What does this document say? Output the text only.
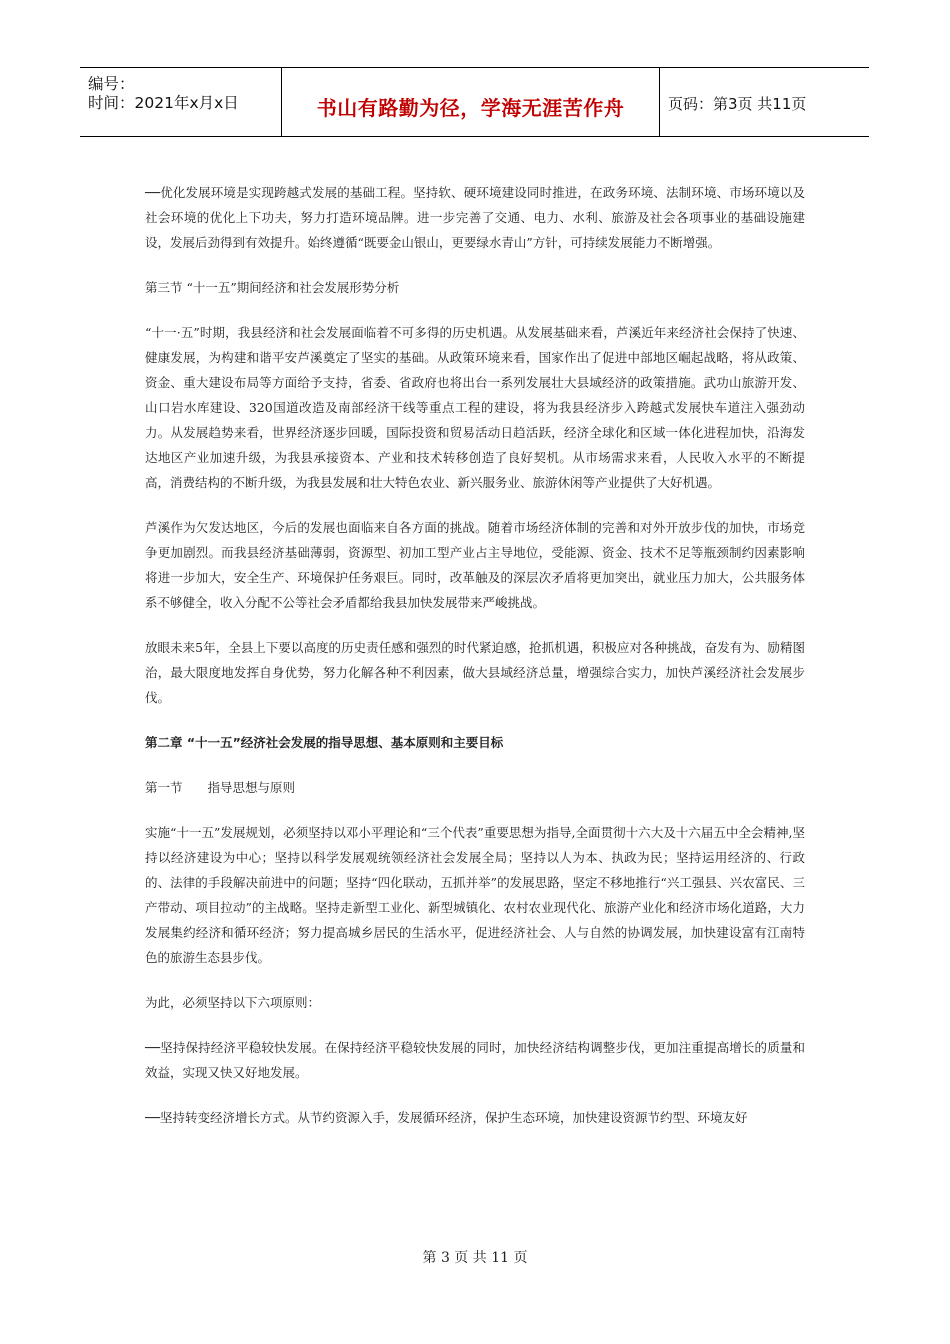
编号：
时间：2021年x月x日	书山有路勤为径，学海无涯苦作舟	页码：第3页 共11页

──优化发展环境是实现跨越式发展的基础工程。坚持软、硬环境建设同时推进，在政务环境、法制环境、市场环境以及社会环境的优化上下功夫，努力打造环境品牌。进一步完善了交通、电力、水利、旅游及社会各项事业的基础设施建设，发展后劲得到有效提升。始终遵循“既要金山银山，更要绿水青山”方针，可持续发展能力不断增强。

第三节 “十一五”期间经济和社会发展形势分析

“十一·五”时期，我县经济和社会发展面临着不可多得的历史机遇。从发展基础来看，芦溪近年来经济社会保持了快速、健康发展，为构建和谐平安芦溪奠定了坚实的基础。从政策环境来看，国家作出了促进中部地区崛起战略，将从政策、资金、重大建设布局等方面给予支持，省委、省政府也将出台一系列发展壮大县域经济的政策措施。武功山旅游开发、山口岩水库建设、320国道改造及南部经济干线等重点工程的建设，将为我县经济步入跨越式发展快车道注入强劲动力。从发展趋势来看，世界经济逐步回暖，国际投资和贸易活动日趋活跃，经济全球化和区域一体化进程加快，沿海发达地区产业加速升级，为我县承接资本、产业和技术转移创造了良好契机。从市场需求来看，人民收入水平的不断提高，消费结构的不断升级，为我县发展和壮大特色农业、新兴服务业、旅游休闲等产业提供了大好机遇。

芦溪作为欠发达地区，今后的发展也面临来自各方面的挑战。随着市场经济体制的完善和对外开放步伐的加快，市场竞争更加剧烈。而我县经济基础薄弱，资源型、初加工型产业占主导地位，受能源、资金、技术不足等瓶颈制约因素影响将进一步加大，安全生产、环境保护任务艰巨。同时，改革触及的深层次矛盾将更加突出，就业压力加大，公共服务体系不够健全，收入分配不公等社会矛盾都给我县加快发展带来严峻挑战。

放眼未来5年，全县上下要以高度的历史责任感和强烈的时代紧迫感，抢抓机遇，积极应对各种挑战，奋发有为、励精图治，最大限度地发挥自身优势，努力化解各种不利因素，做大县域经济总量，增强综合实力，加快芦溪经济社会发展步伐。

第二章 “十一五”经济社会发展的指导思想、基本原则和主要目标

第一节　　指导思想与原则

实施“十一五”发展规划，必须坚持以邓小平理论和“三个代表”重要思想为指导,全面贯彻十六大及十六届五中全会精神,坚持以经济建设为中心；坚持以科学发展观统领经济社会发展全局；坚持以人为本、执政为民；坚持运用经济的、行政的、法律的手段解决前进中的问题；坚持“四化联动，五抓并举”的发展思路，坚定不移地推行“兴工强县、兴农富民、三产带动、项目拉动”的主战略。坚持走新型工业化、新型城镇化、农村农业现代化、旅游产业化和经济市场化道路，大力发展集约经济和循环经济；努力提高城乡居民的生活水平，促进经济社会、人与自然的协调发展，加快建设富有江南特色的旅游生态县步伐。

为此，必须坚持以下六项原则：

──坚持保持经济平稳较快发展。在保持经济平稳较快发展的同时，加快经济结构调整步伐，更加注重提高增长的质量和效益，实现又快又好地发展。

──坚持转变经济增长方式。从节约资源入手，发展循环经济，保护生态环境，加快建设资源节约型、环境友好

第 3 页 共 11 页
